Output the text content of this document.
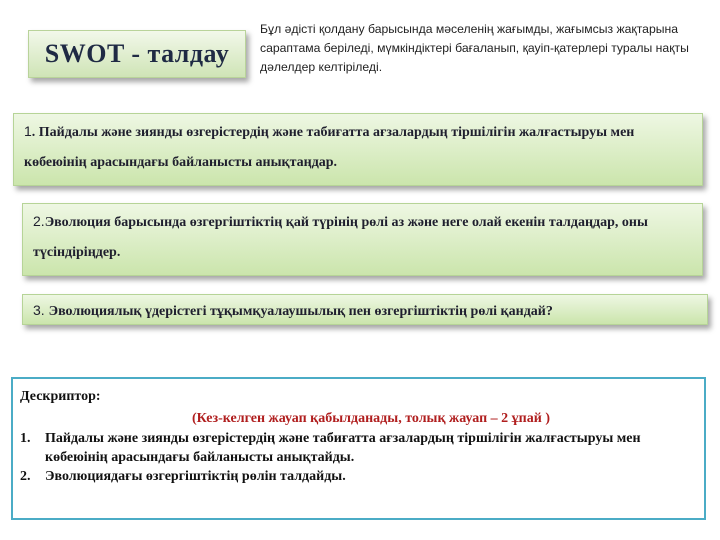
SWOT - талдау
Бұл әдісті қолдану барысында мәселенің жағымды, жағымсыз жақтарына сараптама беріледі, мүмкіндіктері бағаланып, қауіп-қатерлері туралы нақты дәлелдер келтіріледі.
1. Пайдалы және зиянды өзгерістердің және табиғатта ағзалардың тіршілігін жалғастыруы мен көбеюінің арасындағы байланысты анықтаңдар.
2.Эволюция барысында өзгергіштіктің қай түрінің рөлі аз және неге олай екенін талдаңдар, оны түсіндіріңдер.
3. Эволюциялық үдерістегі тұқымқуалаушылық пен өзгергіштіктің рөлі қандай?
Дескриптор:
(Кез-келген жауап қабылданады, толық жауап – 2 ұпай )
1. Пайдалы және зиянды өзгерістердің және табиғатта ағзалардың тіршілігін жалғастыруы мен көбеюінің арасындағы байланысты анықтайды.
2. Эволюциядағы өзгергіштіктің рөлін талдайды.
